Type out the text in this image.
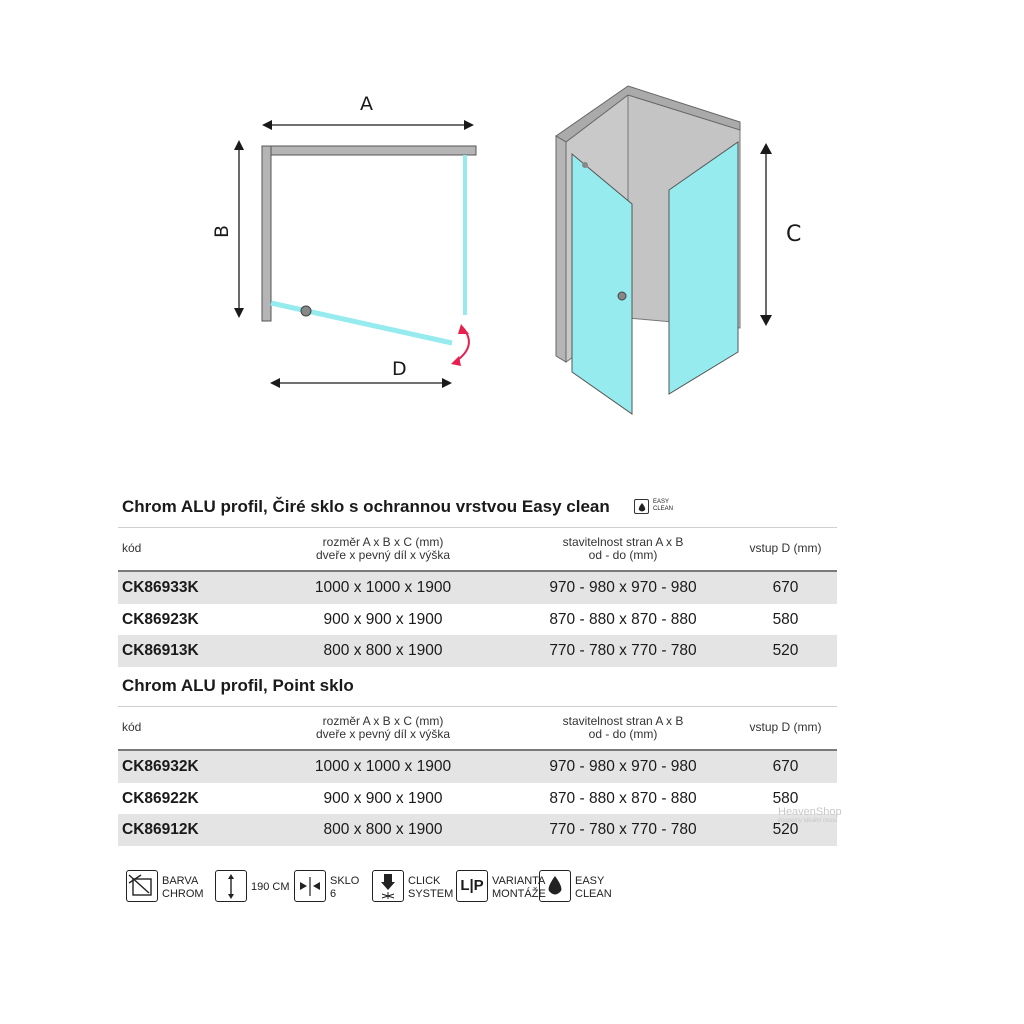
A
B
D
C
Chrom ALU profil, Čiré sklo s ochrannou vrstvou Easy clean	EASY
CLEAN
kód	rozměr A x B x C (mm)
dveře x pevný díl x výška
stavitelnost stran A x B
od - do (mm)	vstup D (mm)
CK86933K	1000 x 1000 x 1900	970 - 980 x 970 - 980	670
CK86923K	900 x 900 x 1900	870 - 880 x 870 - 880	580
CK86913K	800 x 800 x 1900	770 - 780 x 770 - 780	520
Chrom ALU profil, Point sklo
kód	rozměr A x B x C (mm)
dveře x pevný díl x výška
stavitelnost stran A x B
od - do (mm)	vstup D (mm)
CK86932K	1000 x 1000 x 1900	970 - 980 x 970 - 980	670
CK86922K	900 x 900 x 1900	870 - 880 x 870 - 880	580
CK86912K	800 x 800 x 1900	770 - 780 x 770 - 780	520
HeavenShop
koupelny ideální cesta
BARVA
CHROM
190 CM	SKLO
6
CLICK
SYSTEM L|P VARIANTA
MONTÁŽE
EASY
CLEAN
